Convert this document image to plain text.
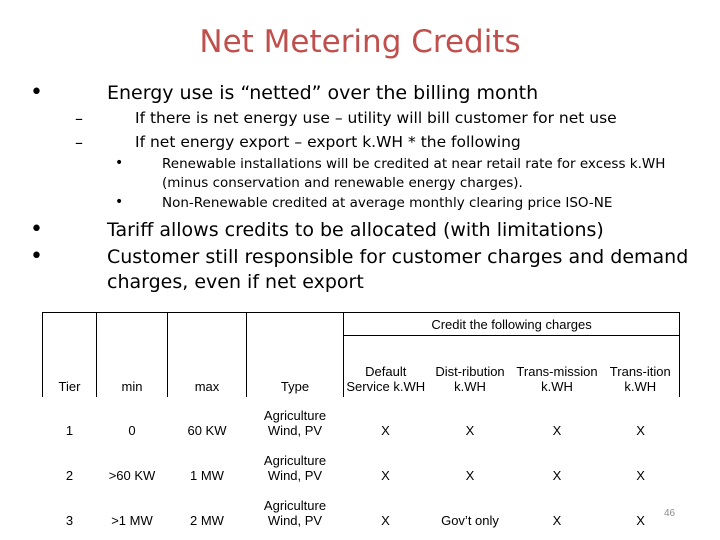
Net Metering Credits
•	Energy use is “netted” over the billing month
–	If there is net energy use – utility will bill customer for net use
–	If net energy export – export k.WH * the following
•	Renewable installations will be credited at near retail rate for excess k.WH
(minus conservation and renewable energy charges).
•	Non-Renewable credited at average monthly clearing price ISO-NE
•	Tariff allows credits to be allocated (with limitations)
•	Customer still responsible for customer charges and demand
charges, even if net export
				Credit the following charges			
Tier	min	max	Type	Default Service k.WH	Dist-ribution k.WH	Trans-mission k.WH	Trans-ition k.WH
1	0	60 KW	Agriculture Wind, PV	X	X	X	X
2	>60 KW	1 MW	Agriculture Wind, PV	X	X	X	X
3	>1 MW	2 MW	Agriculture Wind, PV	X	Gov’t only	X	X 46
